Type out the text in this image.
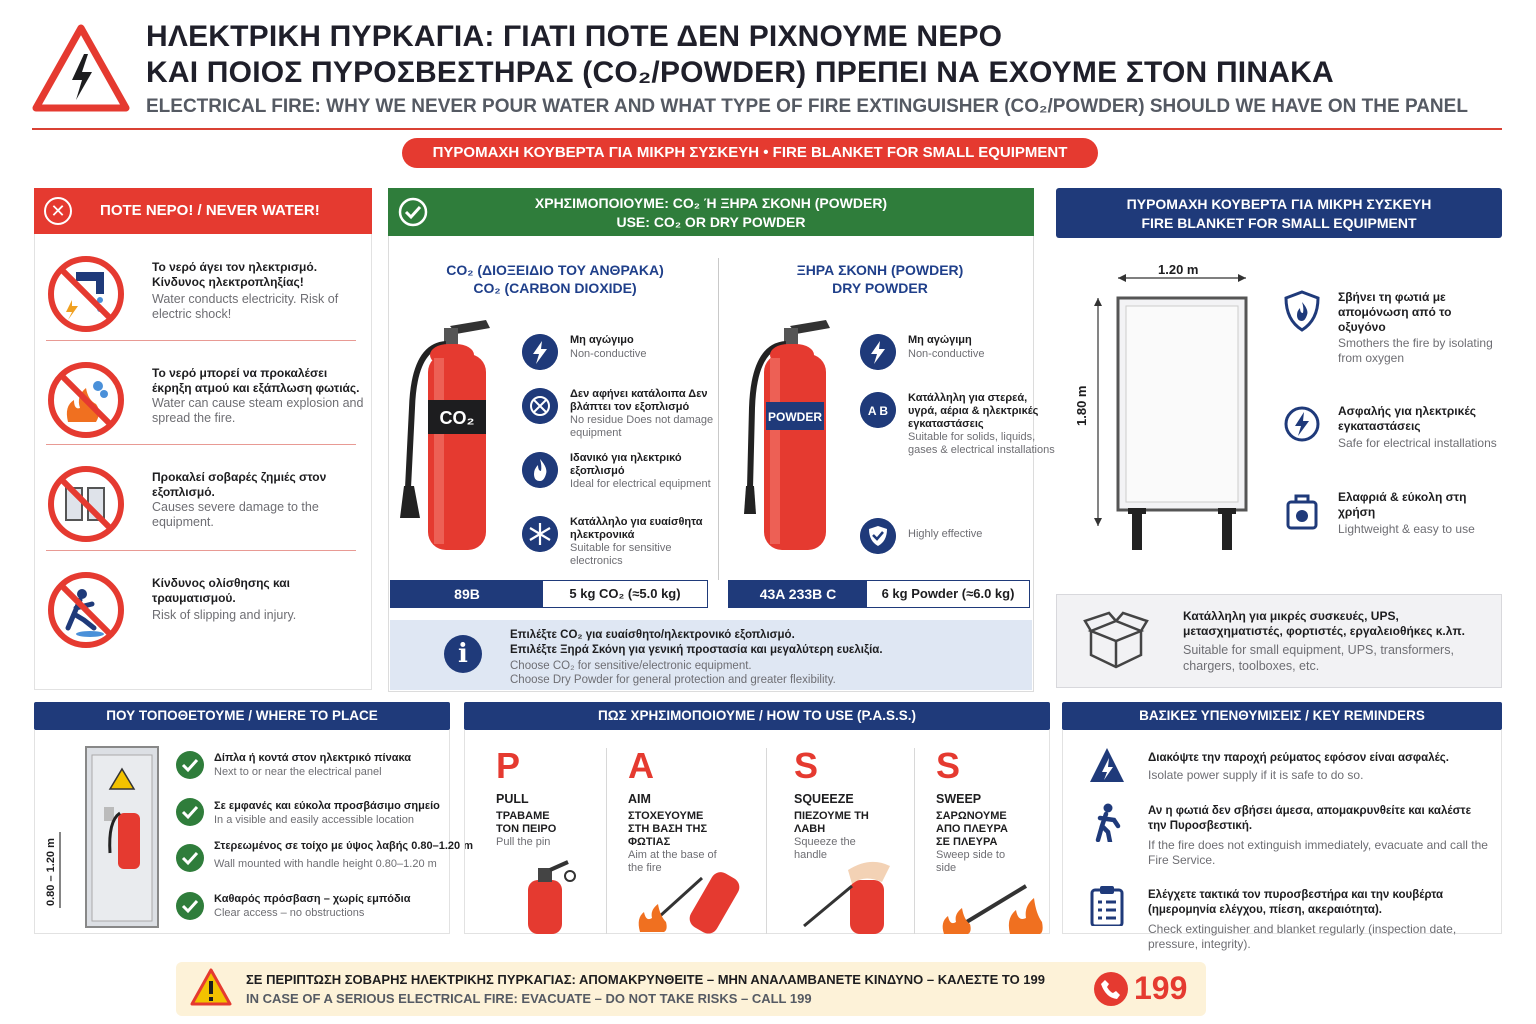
ΗΛΕΚΤΡΙΚΗ ΠΥΡΚΑΓΙΑ: ΓΙΑΤΙ ΠΟΤΕ ΔΕΝ ΡΙΧΝΟΥΜΕ ΝΕΡΟ
ΚΑΙ ΠΟΙΟΣ ΠΥΡΟΣΒΕΣΤΗΡΑΣ (CO₂/POWDER) ΠΡΕΠΕΙ ΝΑ ΕΧΟΥΜΕ ΣΤΟΝ ΠΙΝΑΚΑ
ELECTRICAL FIRE: WHY WE NEVER POUR WATER AND WHAT TYPE OF FIRE EXTINGUISHER (CO₂/POWDER) SHOULD WE HAVE ON THE PANEL
ΠΥΡΟΜΑΧΗ ΚΟΥΒΕΡΤΑ ΓΙΑ ΜΙΚΡΗ ΣΥΣΚΕΥΗ • FIRE BLANKET FOR SMALL EQUIPMENT
✕	ΠΟΤΕ ΝΕΡΟ! / NEVER WATER!
Το νερό άγει τον ηλεκτρισμό. Κίνδυνος ηλεκτροπληξίας!
Water conducts electricity. Risk of electric shock!
Το νερό μπορεί να προκαλέσει έκρηξη ατμού και εξάπλωση φωτιάς.
Water can cause steam explosion and spread the fire.
Προκαλεί σοβαρές ζημιές στον εξοπλισμό.
Causes severe damage to the equipment.
Κίνδυνος ολίσθησης και τραυματισμού.
Risk of slipping and injury.
ΧΡΗΣΙΜΟΠΟΙΟΥΜΕ: CO₂ Ή ΞΗΡΑ ΣΚΟΝΗ (POWDER)
USE: CO₂ OR DRY POWDER
CO₂ (ΔΙΟΞΕΙΔΙΟ ΤΟΥ ΑΝΘΡΑΚΑ)
CO₂ (CARBON DIOXIDE)
ΞΗΡΑ ΣΚΟΝΗ (POWDER)
DRY POWDER
CO₂
Μη αγώγιμο
Non-conductive
Δεν αφήνει κατάλοιπα Δεν βλάπτει τον εξοπλισμό
No residue Does not damage equipment
Ιδανικό για ηλεκτρικό εξοπλισμό
Ideal for electrical equipment
Κατάλληλο για ευαίσθητα ηλεκτρονικά
Suitable for sensitive electronics
POWDER
Μη αγώγιμη
Non-conductive
A B
Κατάλληλη για στερεά, υγρά, αέρια & ηλεκτρικές εγκαταστάσεις
Suitable for solids, liquids, gases & electrical installations
Highly effective
89B	5 kg CO₂ (≈5.0 kg)	43A 233B C	6 kg Powder (≈6.0 kg)
i
Επιλέξτε CO₂ για ευαίσθητο/ηλεκτρονικό εξοπλισμό.
Επιλέξτε Ξηρά Σκόνη για γενική προστασία και μεγαλύτερη ευελιξία.
Choose CO₂ for sensitive/electronic equipment.
Choose Dry Powder for general protection and greater flexibility.
ΠΥΡΟΜΑΧΗ ΚΟΥΒΕΡΤΑ ΓΙΑ ΜΙΚΡΗ ΣΥΣΚΕΥΗ
FIRE BLANKET FOR SMALL EQUIPMENT
1.20 m
1.80 m
Σβήνει τη φωτιά με απομόνωση από το οξυγόνο
Smothers the fire by isolating from oxygen
Ασφαλής για ηλεκτρικές εγκαταστάσεις
Safe for electrical installations
Ελαφριά & εύκολη στη χρήση
Lightweight & easy to use
Κατάλληλη για μικρές συσκευές, UPS, μετασχηματιστές, φορτιστές, εργαλειοθήκες κ.λπ.
Suitable for small equipment, UPS, transformers, chargers, toolboxes, etc.
ΠΟΥ ΤΟΠΟΘΕΤΟΥΜΕ / WHERE TO PLACE	ΠΩΣ ΧΡΗΣΙΜΟΠΟΙΟΥΜΕ / HOW TO USE (P.A.S.S.)	ΒΑΣΙΚΕΣ ΥΠΕΝΘΥΜΙΣΕΙΣ / KEY REMINDERS
0.80 – 1.20 m
Δίπλα ή κοντά στον ηλεκτρικό πίνακα
Next to or near the electrical panel
Σε εμφανές και εύκολα προσβάσιμο σημείο
In a visible and easily accessible location
Στερεωμένος σε τοίχο με ύψος λαβής 0.80–1.20 m
Wall mounted with handle height 0.80–1.20 m
Καθαρός πρόσβαση – χωρίς εμπόδια
Clear access – no obstructions
P
PULL
ΤΡΑΒΑΜΕ ΤΟΝ ΠΕΙΡΟ
Pull the pin
A
AIM
ΣΤΟΧΕΥΟΥΜΕ ΣΤΗ ΒΑΣΗ ΤΗΣ ΦΩΤΙΑΣ
Aim at the base of the fire
S
SQUEEZE
ΠΙΕΖΟΥΜΕ ΤΗ ΛΑΒΗ
Squeeze the handle
S
SWEEP
ΣΑΡΩΝΟΥΜΕ ΑΠΟ ΠΛΕΥΡΑ ΣΕ ΠΛΕΥΡΑ
Sweep side to side
Διακόψτε την παροχή ρεύματος εφόσον είναι ασφαλές.
Isolate power supply if it is safe to do so.
Αν η φωτιά δεν σβήσει άμεσα, απομακρυνθείτε και καλέστε την Πυροσβεστική.
If the fire does not extinguish immediately, evacuate and call the Fire Service.
Ελέγχετε τακτικά τον πυροσβεστήρα και την κουβέρτα (ημερομηνία ελέγχου, πίεση, ακεραιότητα).
Check extinguisher and blanket regularly (inspection date, pressure, integrity).
ΣΕ ΠΕΡΙΠΤΩΣΗ ΣΟΒΑΡΗΣ ΗΛΕΚΤΡΙΚΗΣ ΠΥΡΚΑΓΙΑΣ: ΑΠΟΜΑΚΡΥΝΘΕΙΤΕ – ΜΗΝ ΑΝΑΛΑΜΒΑΝΕΤΕ ΚΙΝΔΥΝΟ – ΚΑΛΕΣΤΕ ΤΟ 199
IN CASE OF A SERIOUS ELECTRICAL FIRE: EVACUATE – DO NOT TAKE RISKS – CALL 199	199
